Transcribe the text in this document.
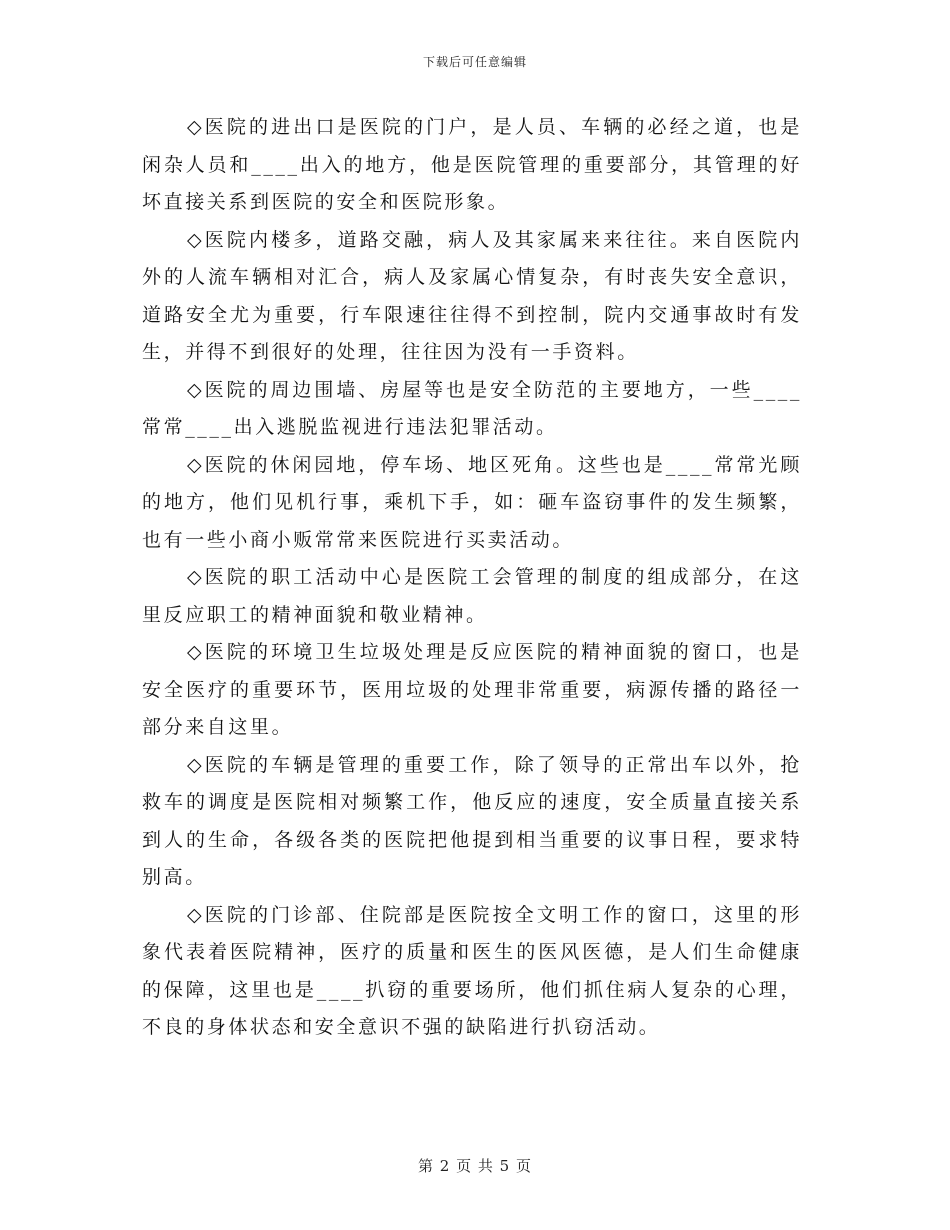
下载后可任意编辑

◇医院的进出口是医院的门户，是人员、车辆的必经之道，也是闲杂人员和____出入的地方，他是医院管理的重要部分，其管理的好坏直接关系到医院的安全和医院形象。

◇医院内楼多，道路交融，病人及其家属来来往往。来自医院内外的人流车辆相对汇合，病人及家属心情复杂，有时丧失安全意识，道路安全尤为重要，行车限速往往得不到控制，院内交通事故时有发生，并得不到很好的处理，往往因为没有一手资料。

◇医院的周边围墙、房屋等也是安全防范的主要地方，一些____常常____出入逃脱监视进行违法犯罪活动。

◇医院的休闲园地，停车场、地区死角。这些也是____常常光顾的地方，他们见机行事，乘机下手，如：砸车盗窃事件的发生频繁，也有一些小商小贩常常来医院进行买卖活动。

◇医院的职工活动中心是医院工会管理的制度的组成部分，在这里反应职工的精神面貌和敬业精神。

◇医院的环境卫生垃圾处理是反应医院的精神面貌的窗口，也是安全医疗的重要环节，医用垃圾的处理非常重要，病源传播的路径一部分来自这里。

◇医院的车辆是管理的重要工作，除了领导的正常出车以外，抢救车的调度是医院相对频繁工作，他反应的速度，安全质量直接关系到人的生命，各级各类的医院把他提到相当重要的议事日程，要求特别高。

◇医院的门诊部、住院部是医院按全文明工作的窗口，这里的形象代表着医院精神，医疗的质量和医生的医风医德，是人们生命健康的保障，这里也是____扒窃的重要场所，他们抓住病人复杂的心理，不良的身体状态和安全意识不强的缺陷进行扒窃活动。

第 2 页 共 5 页
